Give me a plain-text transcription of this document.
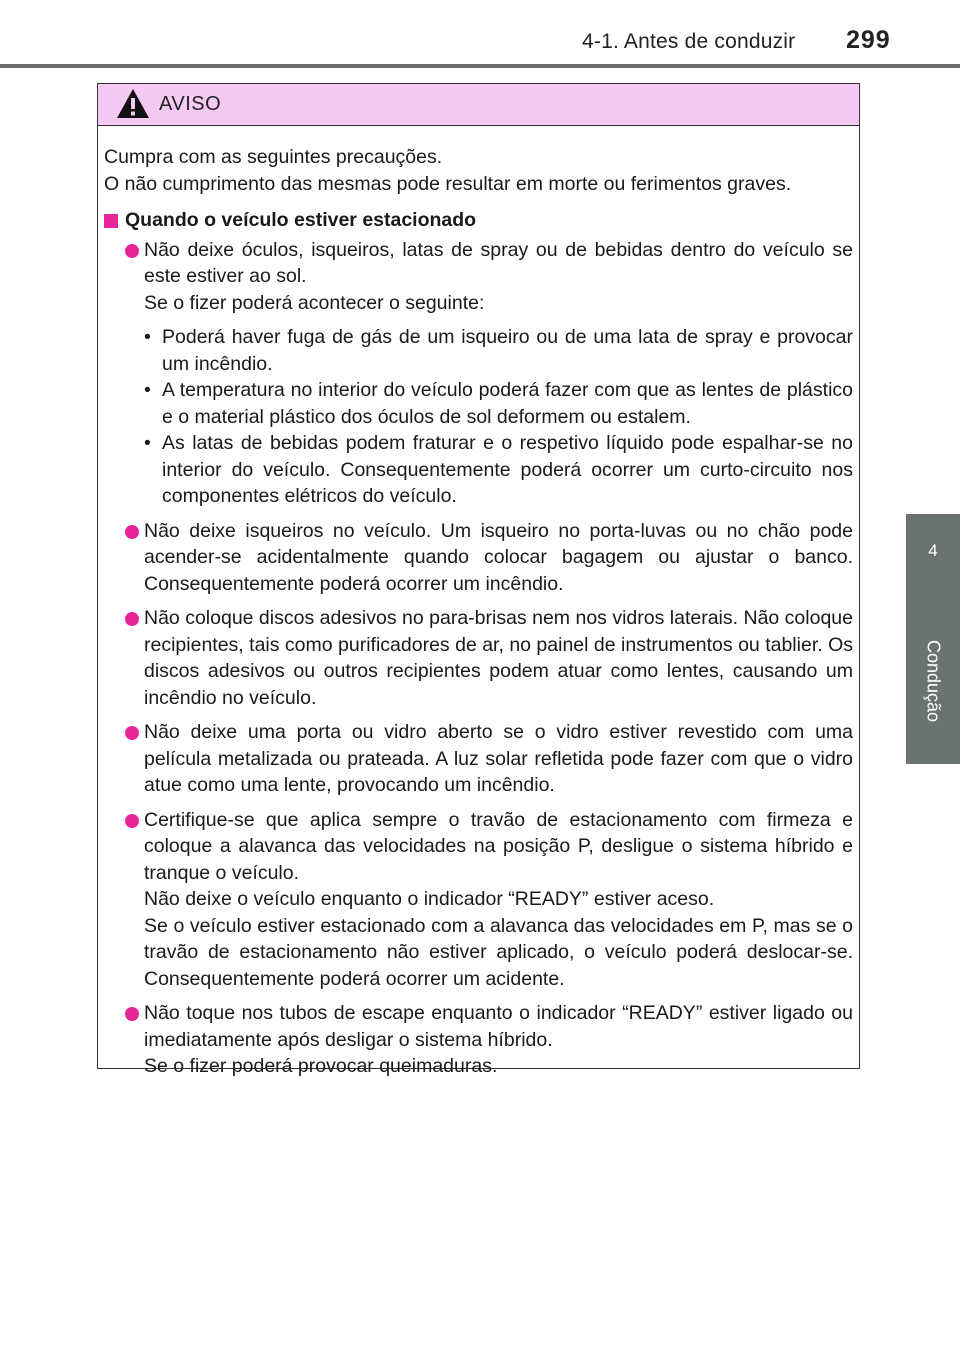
4-1. Antes de conduzir 299
4
Condução
AVISO

Cumpra com as seguintes precauções.

O não cumprimento das mesmas pode resultar em morte ou ferimentos graves.

Quando o veículo estiver estacionado
Não deixe óculos, isqueiros, latas de spray ou de bebidas dentro do veículo se este estiver ao sol.
Se o fizer poderá acontecer o seguinte:
• Poderá haver fuga de gás de um isqueiro ou de uma lata de spray e provocar um incêndio.
• A temperatura no interior do veículo poderá fazer com que as lentes de plástico e o material plástico dos óculos de sol deformem ou estalem.
• As latas de bebidas podem fraturar e o respetivo líquido pode espalhar-se no interior do veículo. Consequentemente poderá ocorrer um curto-circuito nos componentes elétricos do veículo.
Não deixe isqueiros no veículo. Um isqueiro no porta-luvas ou no chão pode acender-se acidentalmente quando colocar bagagem ou ajustar o banco. Consequentemente poderá ocorrer um incêndio.
Não coloque discos adesivos no para-brisas nem nos vidros laterais. Não coloque recipientes, tais como purificadores de ar, no painel de instrumentos ou tablier. Os discos adesivos ou outros recipientes podem atuar como lentes, causando um incêndio no veículo.
Não deixe uma porta ou vidro aberto se o vidro estiver revestido com uma película metalizada ou prateada. A luz solar refletida pode fazer com que o vidro atue como uma lente, provocando um incêndio.
Certifique-se que aplica sempre o travão de estacionamento com firmeza e coloque a alavanca das velocidades na posição P, desligue o sistema híbrido e tranque o veículo.
Não deixe o veículo enquanto o indicador “READY” estiver aceso.
Se o veículo estiver estacionado com a alavanca das velocidades em P, mas se o travão de estacionamento não estiver aplicado, o veículo poderá deslocar-se. Consequentemente poderá ocorrer um acidente.
Não toque nos tubos de escape enquanto o indicador “READY” estiver ligado ou imediatamente após desligar o sistema híbrido.
Se o fizer poderá provocar queimaduras.
